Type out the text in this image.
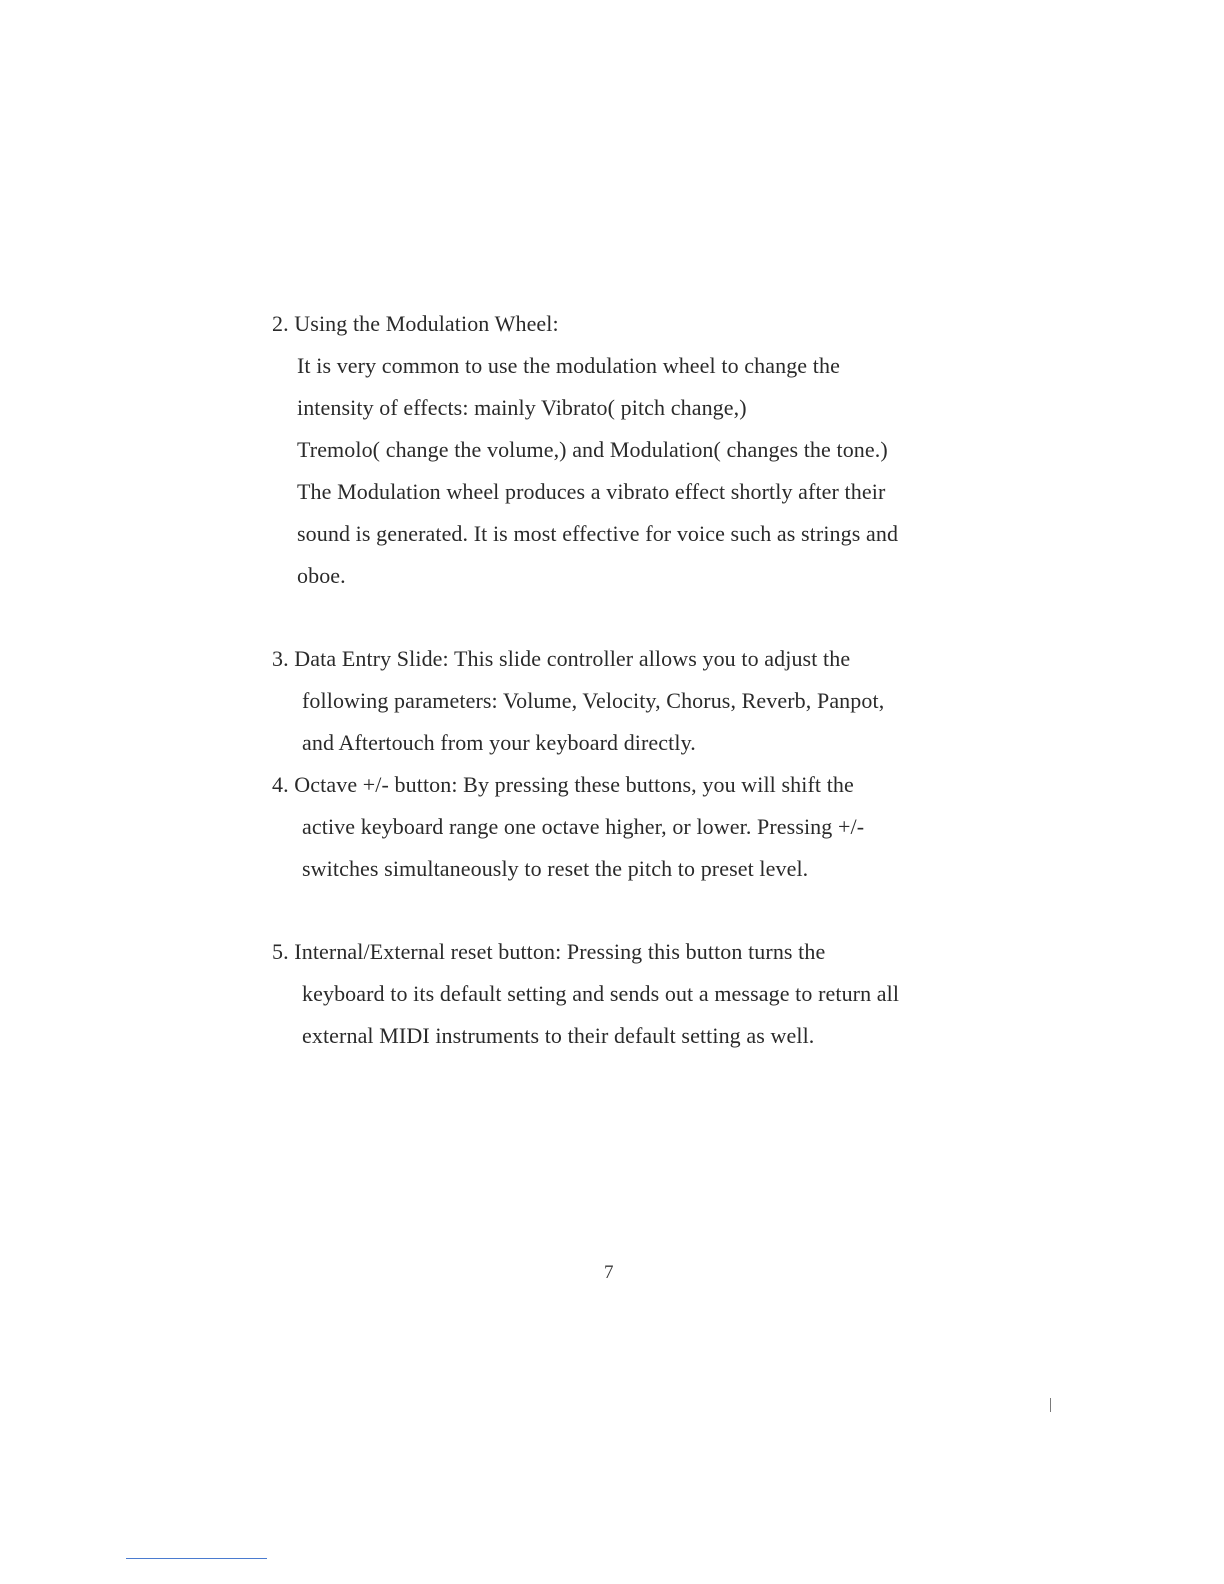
2. Using the Modulation Wheel:
It is very common to use the modulation wheel to change the
intensity of effects: mainly Vibrato( pitch change,)
Tremolo( change the volume,) and Modulation( changes the tone.)
The Modulation wheel produces a vibrato effect shortly after their
sound is generated. It is most effective for voice such as strings and
oboe.
3. Data Entry Slide: This slide controller allows you to adjust the
following parameters: Volume, Velocity, Chorus, Reverb, Panpot,
and Aftertouch from your keyboard directly.
4. Octave +/- button: By pressing these buttons, you will shift the
active keyboard range one octave higher, or lower. Pressing +/-
switches simultaneously to reset the pitch to preset level.
5. Internal/External reset button: Pressing this button turns the
keyboard to its default setting and sends out a message to return all
external MIDI instruments to their default setting as well.
7
